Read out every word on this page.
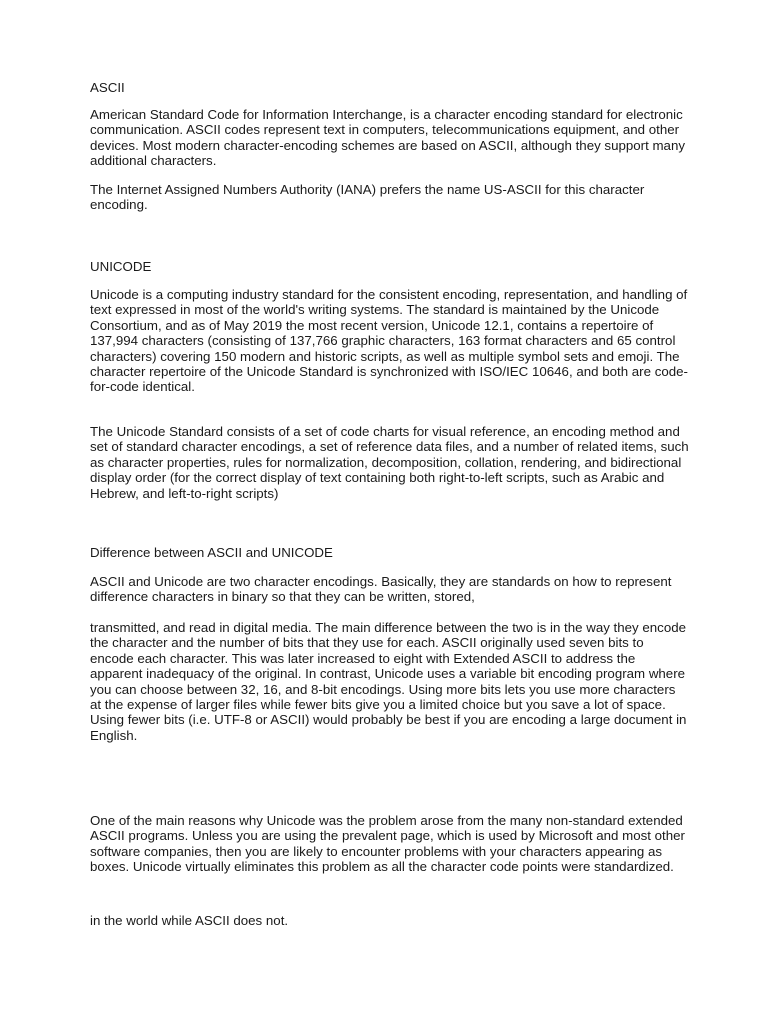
ASCII

American Standard Code for Information Interchange, is a character encoding standard for electronic communication. ASCII codes represent text in computers, telecommunications equipment, and other devices. Most modern character-encoding schemes are based on ASCII, although they support many additional characters.

The Internet Assigned Numbers Authority (IANA) prefers the name US-ASCII for this character encoding.

UNICODE

Unicode is a computing industry standard for the consistent encoding, representation, and handling of text expressed in most of the world's writing systems. The standard is maintained by the Unicode Consortium, and as of May 2019 the most recent version, Unicode 12.1, contains a repertoire of 137,994 characters (consisting of 137,766 graphic characters, 163 format characters and 65 control characters) covering 150 modern and historic scripts, as well as multiple symbol sets and emoji. The character repertoire of the Unicode Standard is synchronized with ISO/IEC 10646, and both are code-for-code identical.

The Unicode Standard consists of a set of code charts for visual reference, an encoding method and set of standard character encodings, a set of reference data files, and a number of related items, such as character properties, rules for normalization, decomposition, collation, rendering, and bidirectional display order (for the correct display of text containing both right-to-left scripts, such as Arabic and Hebrew, and left-to-right scripts)

Difference between ASCII and UNICODE

ASCII and Unicode are two character encodings. Basically, they are standards on how to represent difference characters in binary so that they can be written, stored,

transmitted, and read in digital media. The main difference between the two is in the way they encode the character and the number of bits that they use for each. ASCII originally used seven bits to encode each character. This was later increased to eight with Extended ASCII to address the apparent inadequacy of the original. In contrast, Unicode uses a variable bit encoding program where you can choose between 32, 16, and 8-bit encodings. Using more bits lets you use more characters at the expense of larger files while fewer bits give you a limited choice but you save a lot of space. Using fewer bits (i.e. UTF-8 or ASCII) would probably be best if you are encoding a large document in English.

One of the main reasons why Unicode was the problem arose from the many non-standard extended ASCII programs. Unless you are using the prevalent page, which is used by Microsoft and most other software companies, then you are likely to encounter problems with your characters appearing as boxes. Unicode virtually eliminates this problem as all the character code points were standardized.

in the world while ASCII does not.
